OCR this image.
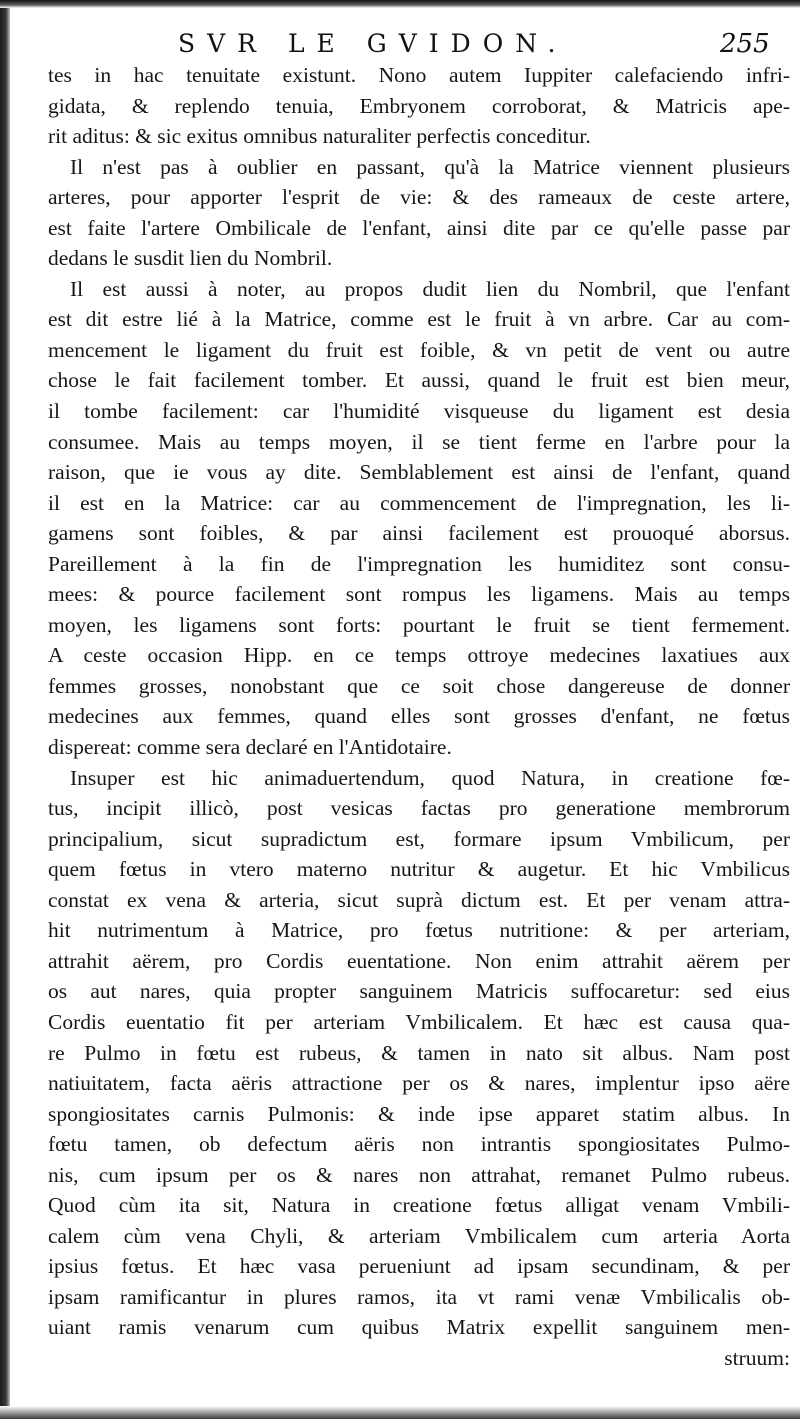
SVR LE GVIDON.	255
tes in hac tenuitate existunt. Nono autem Iuppiter calefaciendo infri-
gidata, & replendo tenuia, Embryonem corroborat, & Matricis ape-
rit aditus: & sic exitus omnibus naturaliter perfectis conceditur.
Il n'est pas à oublier en passant, qu'à la Matrice viennent plusieurs
arteres, pour apporter l'esprit de vie: & des rameaux de ceste artere,
est faite l'artere Ombilicale de l'enfant, ainsi dite par ce qu'elle passe par
dedans le susdit lien du Nombril.
Il est aussi à noter, au propos dudit lien du Nombril, que l'enfant
est dit estre lié à la Matrice, comme est le fruit à vn arbre. Car au com-
mencement le ligament du fruit est foible, & vn petit de vent ou autre
chose le fait facilement tomber. Et aussi, quand le fruit est bien meur,
il tombe facilement: car l'humidité visqueuse du ligament est desia
consumee. Mais au temps moyen, il se tient ferme en l'arbre pour la
raison, que ie vous ay dite. Semblablement est ainsi de l'enfant, quand
il est en la Matrice: car au commencement de l'impregnation, les li-
gamens sont foibles, & par ainsi facilement est prouoqué aborsus.
Pareillement à la fin de l'impregnation les humiditez sont consu-
mees: & pource facilement sont rompus les ligamens. Mais au temps
moyen, les ligamens sont forts: pourtant le fruit se tient fermement.
A ceste occasion Hipp. en ce temps ottroye medecines laxatiues aux
femmes grosses, nonobstant que ce soit chose dangereuse de donner
medecines aux femmes, quand elles sont grosses d'enfant, ne fœtus
dispereat: comme sera declaré en l'Antidotaire.
Insuper est hic animaduertendum, quod Natura, in creatione fœ-
tus, incipit illicò, post vesicas factas pro generatione membrorum
principalium, sicut supradictum est, formare ipsum Vmbilicum, per
quem fœtus in vtero materno nutritur & augetur. Et hic Vmbilicus
constat ex vena & arteria, sicut suprà dictum est. Et per venam attra-
hit nutrimentum à Matrice, pro fœtus nutritione: & per arteriam,
attrahit aërem, pro Cordis euentatione. Non enim attrahit aërem per
os aut nares, quia propter sanguinem Matricis suffocaretur: sed eius
Cordis euentatio fit per arteriam Vmbilicalem. Et hæc est causa qua-
re Pulmo in fœtu est rubeus, & tamen in nato sit albus. Nam post
natiuitatem, facta aëris attractione per os & nares, implentur ipso aëre
spongiositates carnis Pulmonis: & inde ipse apparet statim albus. In
fœtu tamen, ob defectum aëris non intrantis spongiositates Pulmo-
nis, cum ipsum per os & nares non attrahat, remanet Pulmo rubeus.
Quod cùm ita sit, Natura in creatione fœtus alligat venam Vmbili-
calem cùm vena Chyli, & arteriam Vmbilicalem cum arteria Aorta
ipsius fœtus. Et hæc vasa perueniunt ad ipsam secundinam, & per
ipsam ramificantur in plures ramos, ita vt rami venæ Vmbilicalis ob-
uiant ramis venarum cum quibus Matrix expellit sanguinem men-
struum:
